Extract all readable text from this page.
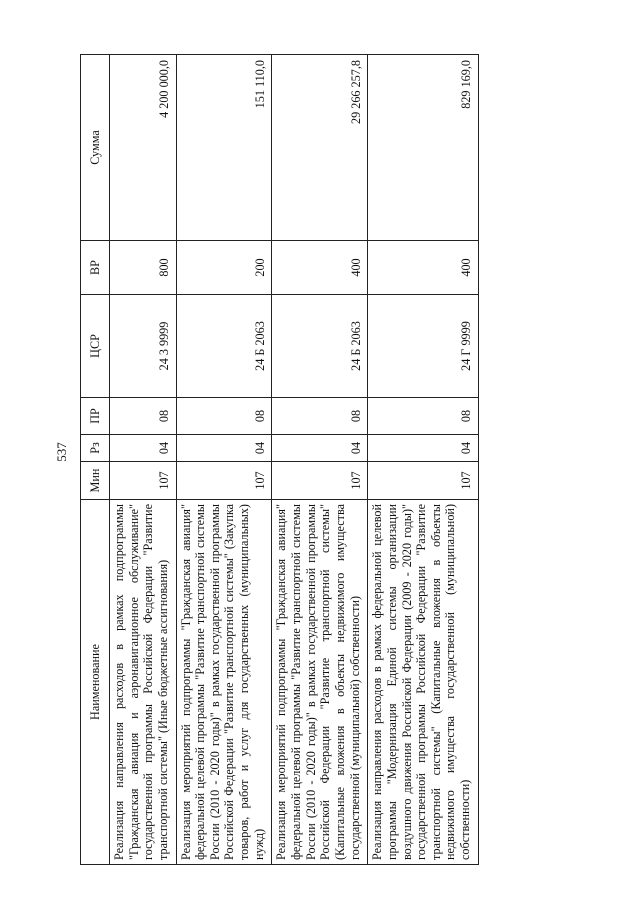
537
Наименование	Мин	Рз	ПР	ЦСР	ВР	Сумма
Реализация направления расходов в рамках подпрограммы "Гражданская авиация и аэронавигационное обслуживание" государственной программы Российской Федерации "Развитие транспортной системы" (Иные бюджетные ассигнования)	107	04	08	24 3 9999	800	4 200 000,0
Реализация мероприятий подпрограммы "Гражданская авиация" федеральной целевой программы "Развитие транспортной системы России (2010 - 2020 годы)" в рамках государственной программы Российской Федерации "Развитие транспортной системы" (Закупка товаров, работ и услуг для государственных (муниципальных) нужд)	107	04	08	24 Б 2063	200	151 110,0
Реализация мероприятий подпрограммы "Гражданская авиация" федеральной целевой программы "Развитие транспортной системы России (2010 - 2020 годы)" в рамках государственной программы Российской Федерации "Развитие транспортной системы" (Капитальные вложения в объекты недвижимого имущества государственной (муниципальной) собственности)	107	04	08	24 Б 2063	400	29 266 257,8
Реализация направления расходов в рамках федеральной целевой программы "Модернизация Единой системы организации воздушного движения Российской Федерации (2009 - 2020 годы)" государственной программы Российской Федерации "Развитие транспортной системы" (Капитальные вложения в объекты недвижимого имущества государственной (муниципальной) собственности)	107	04	08	24 Г 9999	400	829 169,0
